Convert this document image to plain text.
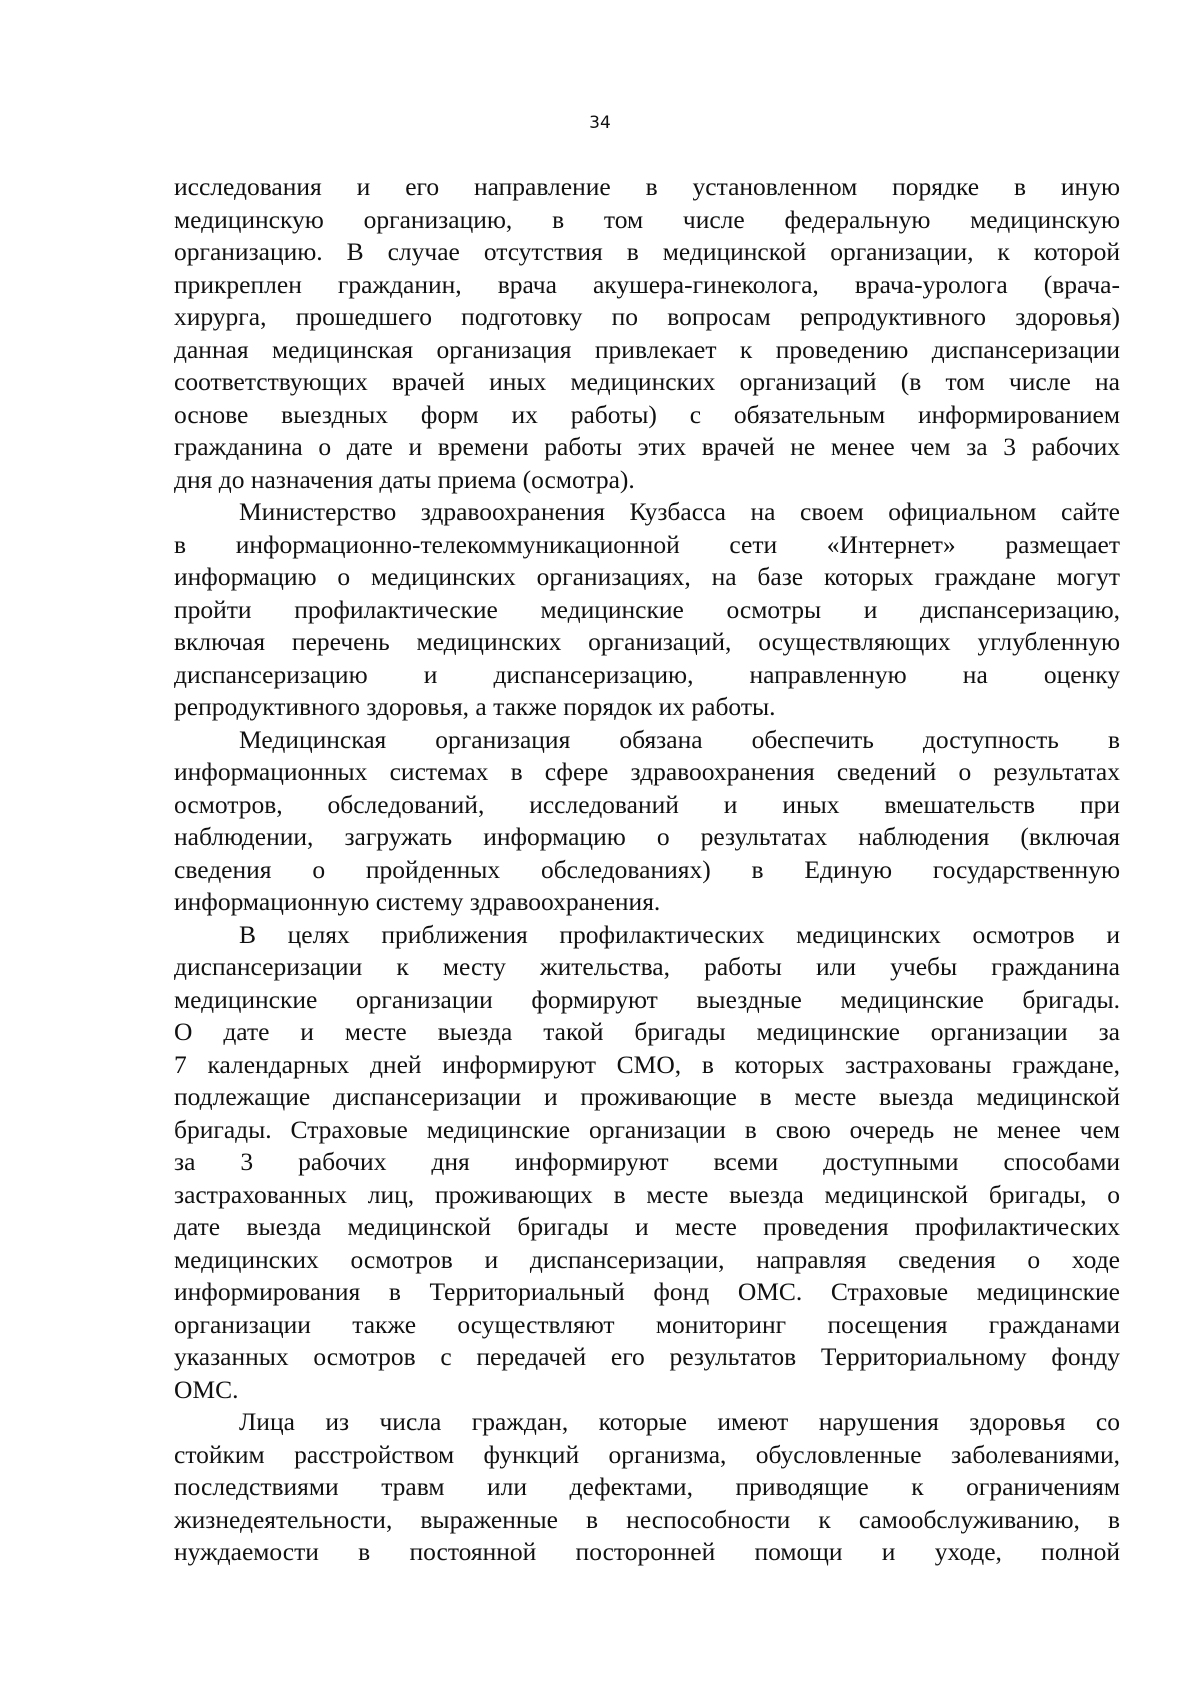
34
исследования и его направление в установленном порядке в иную
медицинскую организацию, в том числе федеральную медицинскую
организацию. В случае отсутствия в медицинской организации, к которой
прикреплен гражданин, врача акушера-гинеколога, врача-уролога (врача-
хирурга, прошедшего подготовку по вопросам репродуктивного здоровья)
данная медицинская организация привлекает к проведению диспансеризации
соответствующих врачей иных медицинских организаций (в том числе на
основе выездных форм их работы) с обязательным информированием
гражданина о дате и времени работы этих врачей не менее чем за 3 рабочих
дня до назначения даты приема (осмотра).
Министерство здравоохранения Кузбасса на своем официальном сайте
в информационно-телекоммуникационной сети «Интернет» размещает
информацию о медицинских организациях, на базе которых граждане могут
пройти профилактические медицинские осмотры и диспансеризацию,
включая перечень медицинских организаций, осуществляющих углубленную
диспансеризацию и диспансеризацию, направленную на оценку
репродуктивного здоровья, а также порядок их работы.
Медицинская организация обязана обеспечить доступность в
информационных системах в сфере здравоохранения сведений о результатах
осмотров, обследований, исследований и иных вмешательств при
наблюдении, загружать информацию о результатах наблюдения (включая
сведения о пройденных обследованиях) в Единую государственную
информационную систему здравоохранения.
В целях приближения профилактических медицинских осмотров и
диспансеризации к месту жительства, работы или учебы гражданина
медицинские организации формируют выездные медицинские бригады.
О дате и месте выезда такой бригады медицинские организации за
7 календарных дней информируют СМО, в которых застрахованы граждане,
подлежащие диспансеризации и проживающие в месте выезда медицинской
бригады. Страховые медицинские организации в свою очередь не менее чем
за 3 рабочих дня информируют всеми доступными способами
застрахованных лиц, проживающих в месте выезда медицинской бригады, о
дате выезда медицинской бригады и месте проведения профилактических
медицинских осмотров и диспансеризации, направляя сведения о ходе
информирования в Территориальный фонд ОМС. Страховые медицинские
организации также осуществляют мониторинг посещения гражданами
указанных осмотров с передачей его результатов Территориальному фонду
ОМС.
Лица из числа граждан, которые имеют нарушения здоровья со
стойким расстройством функций организма, обусловленные заболеваниями,
последствиями травм или дефектами, приводящие к ограничениям
жизнедеятельности, выраженные в неспособности к самообслуживанию, в
нуждаемости в постоянной посторонней помощи и уходе, полной
